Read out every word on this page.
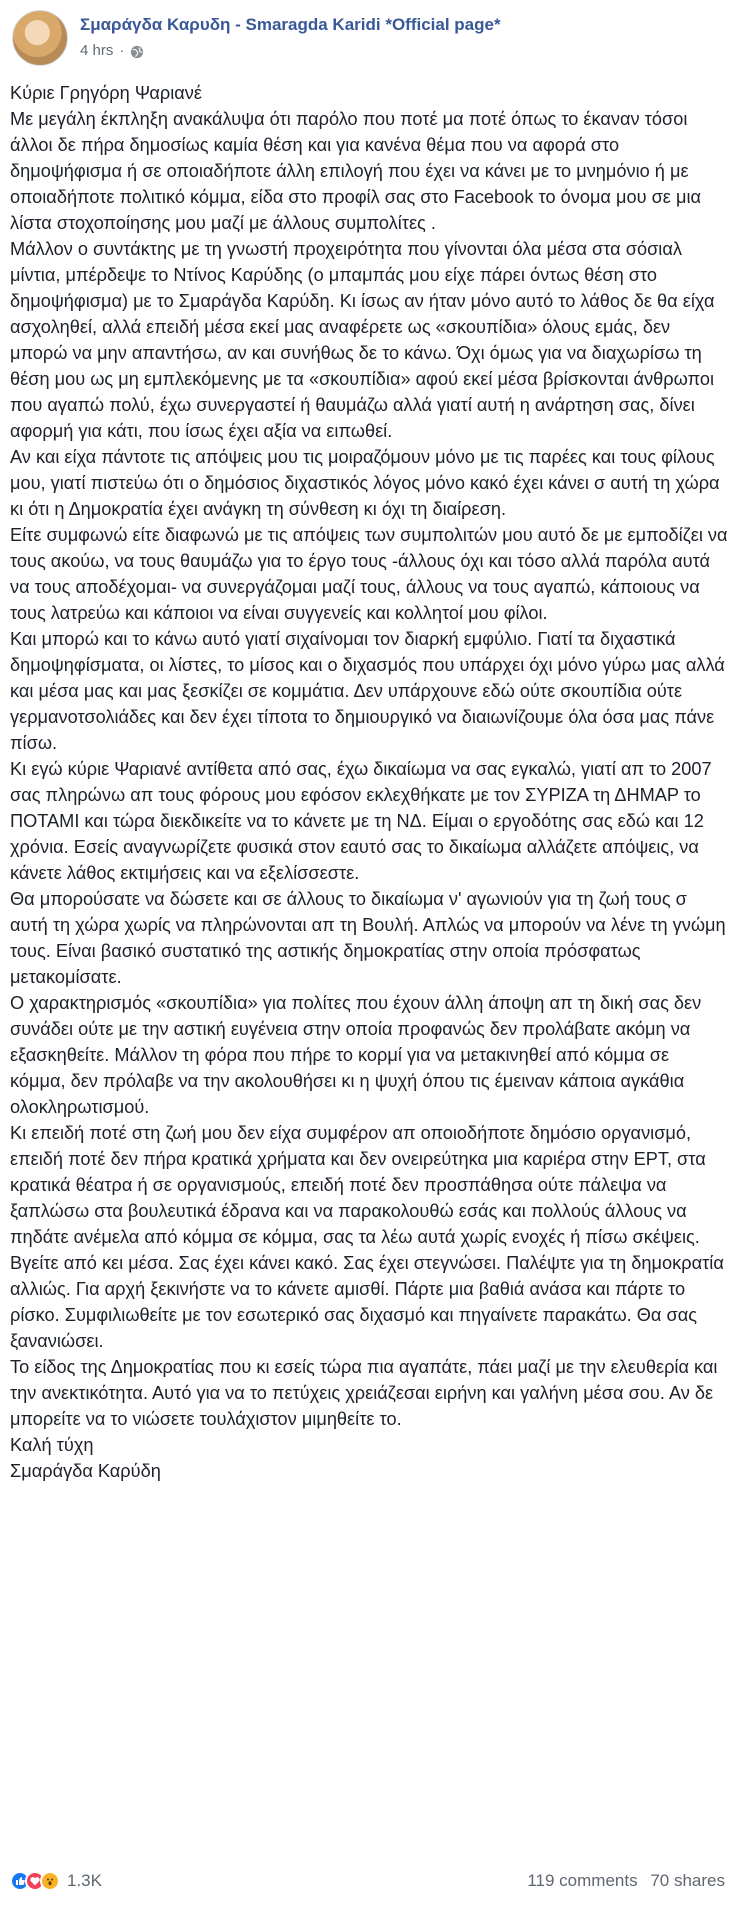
Σμαράγδα Καρυδη - Smaragda Karidi *Official page*
4 hrs ·

Κύριε Γρηγόρη Ψαριανέ

Με μεγάλη έκπληξη ανακάλυψα ότι παρόλο που ποτέ μα ποτέ όπως το έκαναν τόσοι άλλοι δε πήρα δημοσίως καμία θέση και για κανένα θέμα που να αφορά στο δημοψήφισμα ή σε οποιαδήποτε άλλη επιλογή που έχει να κάνει με το μνημόνιο ή με οποιαδήποτε πολιτικό κόμμα, είδα στο προφίλ σας στο Facebook το όνομα μου σε μια λίστα στοχοποίησης μου μαζί με άλλους συμπολίτες .

Μάλλον ο συντάκτης με τη γνωστή προχειρότητα που γίνονται όλα μέσα στα σόσιαλ μίντια, μπέρδεψε το Ντίνος Καρύδης (ο μπαμπάς μου είχε πάρει όντως θέση στο δημοψήφισμα) με το Σμαράγδα Καρύδη. Κι ίσως αν ήταν μόνο αυτό το λάθος δε θα είχα ασχοληθεί, αλλά επειδή μέσα εκεί μας αναφέρετε ως «σκουπίδια» όλους εμάς, δεν μπορώ να μην απαντήσω, αν και συνήθως δε το κάνω. Όχι όμως για να διαχωρίσω τη θέση μου ως μη εμπλεκόμενης με τα «σκουπίδια» αφού εκεί μέσα βρίσκονται άνθρωποι που αγαπώ πολύ, έχω συνεργαστεί ή θαυμάζω αλλά γιατί αυτή η ανάρτηση σας, δίνει αφορμή για κάτι, που ίσως έχει αξία να ειπωθεί.

Αν και είχα πάντοτε τις απόψεις μου τις μοιραζόμουν μόνο με τις παρέες και τους φίλους μου, γιατί πιστεύω ότι ο δημόσιος διχαστικός λόγος μόνο κακό έχει κάνει σ αυτή τη χώρα κι ότι η Δημοκρατία έχει ανάγκη τη σύνθεση κι όχι τη διαίρεση.

Είτε συμφωνώ είτε διαφωνώ με τις απόψεις των συμπολιτών μου αυτό δε με εμποδίζει να τους ακούω, να τους θαυμάζω για το έργο τους -άλλους όχι και τόσο αλλά παρόλα αυτά να τους αποδέχομαι- να συνεργάζομαι μαζί τους, άλλους να τους αγαπώ, κάποιους να τους λατρεύω και κάποιοι να είναι συγγενείς και κολλητοί μου φίλοι.

Και μπορώ και το κάνω αυτό γιατί σιχαίνομαι τον διαρκή εμφύλιο. Γιατί τα διχαστικά δημοψηφίσματα, οι λίστες, το μίσος και ο διχασμός που υπάρχει όχι μόνο γύρω μας αλλά και μέσα μας και μας ξεσκίζει σε κομμάτια. Δεν υπάρχουνε εδώ ούτε σκουπίδια ούτε γερμανοτσολιάδες και δεν έχει τίποτα το δημιουργικό να διαιωνίζουμε όλα όσα μας πάνε πίσω.

Κι εγώ κύριε Ψαριανέ αντίθετα από σας, έχω δικαίωμα να σας εγκαλώ, γιατί απ το 2007 σας πληρώνω απ τους φόρους μου εφόσον εκλεχθήκατε με τον ΣΥΡΙΖΑ τη ΔΗΜΑΡ το ΠΟΤΑΜΙ και τώρα διεκδικείτε να το κάνετε με τη ΝΔ. Είμαι ο εργοδότης σας εδώ και 12 χρόνια. Εσείς αναγνωρίζετε φυσικά στον εαυτό σας το δικαίωμα αλλάζετε απόψεις, να κάνετε λάθος εκτιμήσεις και να εξελίσσεστε.

Θα μπορούσατε να δώσετε και σε άλλους το δικαίωμα ν' αγωνιούν για τη ζωή τους σ αυτή τη χώρα χωρίς να πληρώνονται απ τη Βουλή. Απλώς να μπορούν να λένε τη γνώμη τους. Είναι βασικό συστατικό της αστικής δημοκρατίας στην οποία πρόσφατως μετακομίσατε.

Ο χαρακτηρισμός «σκουπίδια» για πολίτες που έχουν άλλη άποψη απ τη δική σας δεν συνάδει ούτε με την αστική ευγένεια στην οποία προφανώς δεν προλάβατε ακόμη να εξασκηθείτε. Μάλλον τη φόρα που πήρε το κορμί για να μετακινηθεί από κόμμα σε κόμμα, δεν πρόλαβε να την ακολουθήσει κι η ψυχή όπου τις έμειναν κάποια αγκάθια ολοκληρωτισμού.

Κι επειδή ποτέ στη ζωή μου δεν είχα συμφέρον απ οποιοδήποτε δημόσιο οργανισμό, επειδή ποτέ δεν πήρα κρατικά χρήματα και δεν ονειρεύτηκα μια καριέρα στην ΕΡΤ, στα κρατικά θέατρα ή σε οργανισμούς, επειδή ποτέ δεν προσπάθησα ούτε πάλεψα να ξαπλώσω στα βουλευτικά έδρανα και να παρακολουθώ εσάς και πολλούς άλλους να πηδάτε ανέμελα από κόμμα σε κόμμα, σας τα λέω αυτά χωρίς ενοχές ή πίσω σκέψεις.

Βγείτε από κει μέσα. Σας έχει κάνει κακό. Σας έχει στεγνώσει. Παλέψτε για τη δημοκρατία αλλιώς. Για αρχή ξεκινήστε να το κάνετε αμισθί. Πάρτε μια βαθιά ανάσα και πάρτε το ρίσκο. Συμφιλιωθείτε με τον εσωτερικό σας διχασμό και πηγαίνετε παρακάτω. Θα σας ξανανιώσει.

Το είδος της Δημοκρατίας που κι εσείς τώρα πια αγαπάτε, πάει μαζί με την ελευθερία και την ανεκτικότητα. Αυτό για να το πετύχεις χρειάζεσαι ειρήνη και γαλήνη μέσα σου. Αν δε μπορείτε να το νιώσετε τουλάχιστον μιμηθείτε το.

Καλή τύχη

Σμαράγδα Καρύδη

1.3K	119 comments 70 shares
